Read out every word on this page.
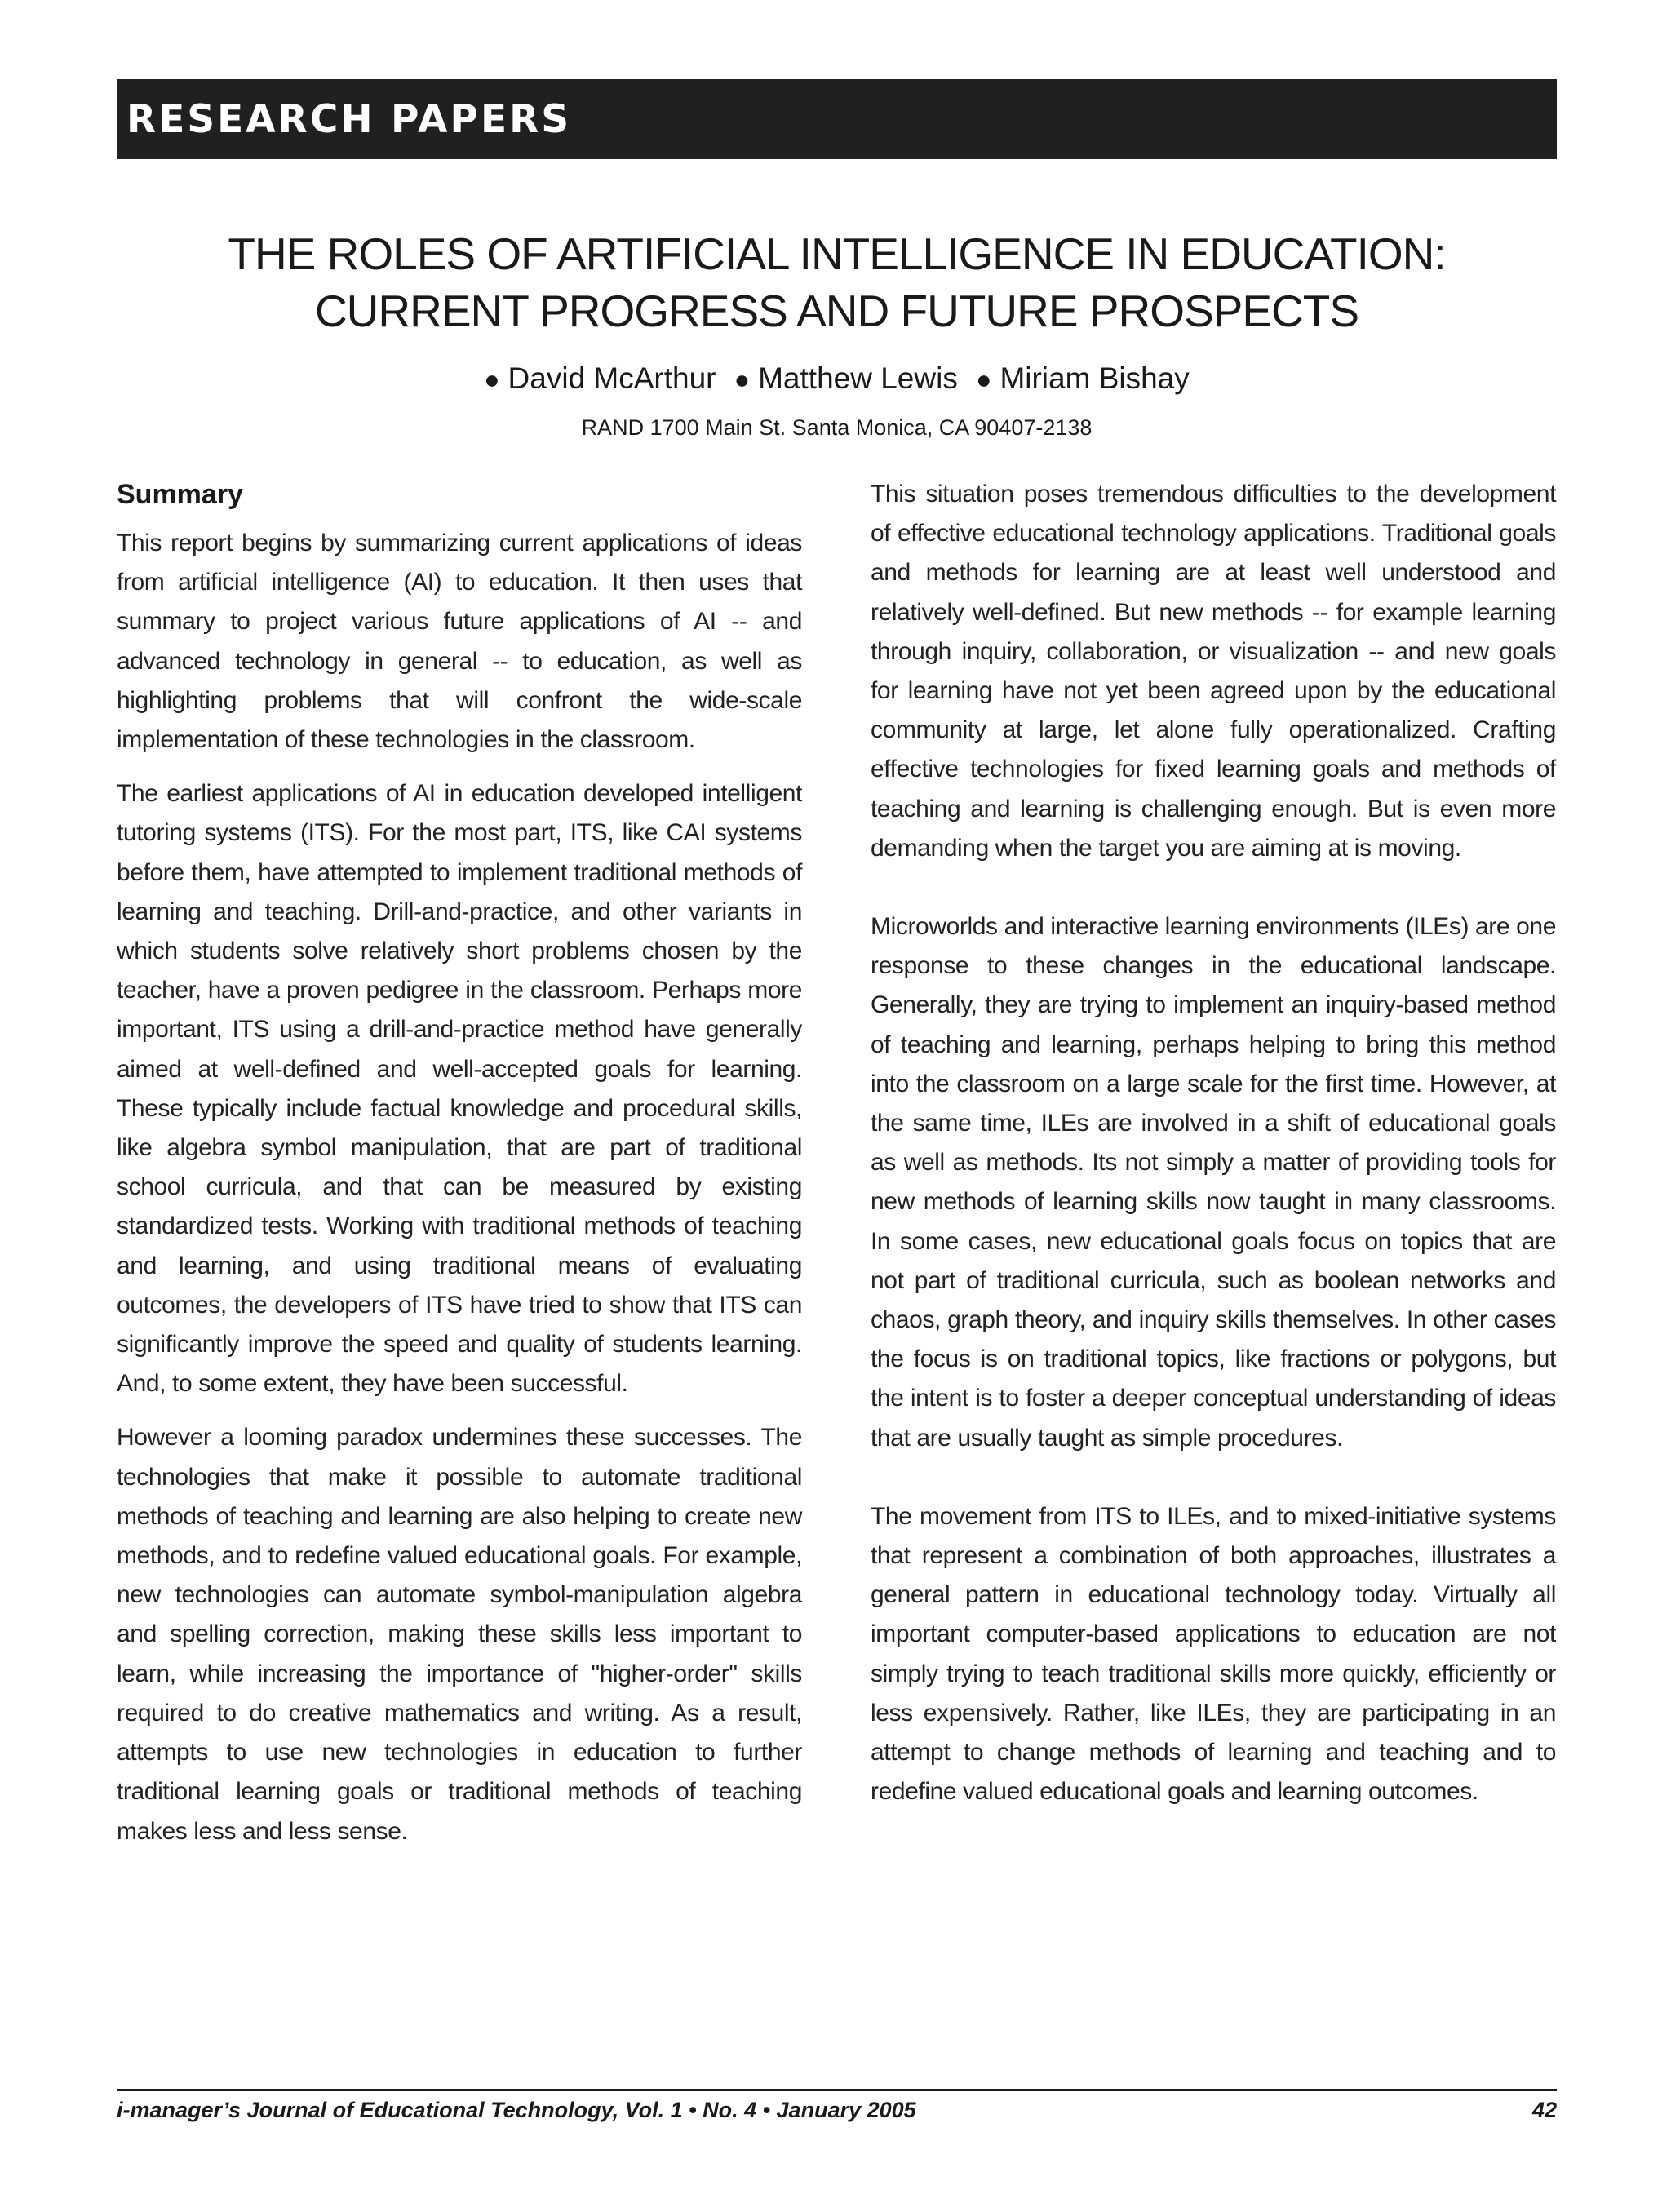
RESEARCH PAPERS
THE ROLES OF ARTIFICIAL INTELLIGENCE IN EDUCATION:
CURRENT PROGRESS AND FUTURE PROSPECTS
● David McArthur ● Matthew Lewis ● Miriam Bishay
RAND 1700 Main St. Santa Monica, CA 90407-2138
Summary

This report begins by summarizing current applications of ideas from artificial intelligence (AI) to education. It then uses that summary to project various future applications of AI -- and advanced technology in general -- to education, as well as highlighting problems that will confront the wide-scale implementation of these technologies in the classroom.

The earliest applications of AI in education developed intelligent tutoring systems (ITS). For the most part, ITS, like CAI systems before them, have attempted to implement traditional methods of learning and teaching. Drill-and-practice, and other variants in which students solve relatively short problems chosen by the teacher, have a proven pedigree in the classroom. Perhaps more important, ITS using a drill-and-practice method have generally aimed at well-defined and well-accepted goals for learning. These typically include factual knowledge and procedural skills, like algebra symbol manipulation, that are part of traditional school curricula, and that can be measured by existing standardized tests. Working with traditional methods of teaching and learning, and using traditional means of evaluating outcomes, the developers of ITS have tried to show that ITS can significantly improve the speed and quality of students learning. And, to some extent, they have been successful.

However a looming paradox undermines these successes. The technologies that make it possible to automate traditional methods of teaching and learning are also helping to create new methods, and to redefine valued educational goals. For example, new technologies can automate symbol-manipulation algebra and spelling correction, making these skills less important to learn, while increasing the importance of "higher-order" skills required to do creative mathematics and writing. As a result, attempts to use new technologies in education to further traditional learning goals or traditional methods of teaching makes less and less sense.

This situation poses tremendous difficulties to the development of effective educational technology applications. Traditional goals and methods for learning are at least well understood and relatively well-defined. But new methods -- for example learning through inquiry, collaboration, or visualization -- and new goals for learning have not yet been agreed upon by the educational community at large, let alone fully operationalized. Crafting effective technologies for fixed learning goals and methods of teaching and learning is challenging enough. But is even more demanding when the target you are aiming at is moving.

Microworlds and interactive learning environments (ILEs) are one response to these changes in the educational landscape. Generally, they are trying to implement an inquiry-based method of teaching and learning, perhaps helping to bring this method into the classroom on a large scale for the first time. However, at the same time, ILEs are involved in a shift of educational goals as well as methods. Its not simply a matter of providing tools for new methods of learning skills now taught in many classrooms. In some cases, new educational goals focus on topics that are not part of traditional curricula, such as boolean networks and chaos, graph theory, and inquiry skills themselves. In other cases the focus is on traditional topics, like fractions or polygons, but the intent is to foster a deeper conceptual understanding of ideas that are usually taught as simple procedures.

The movement from ITS to ILEs, and to mixed-initiative systems that represent a combination of both approaches, illustrates a general pattern in educational technology today. Virtually all important computer-based applications to education are not simply trying to teach traditional skills more quickly, efficiently or less expensively. Rather, like ILEs, they are participating in an attempt to change methods of learning and teaching and to redefine valued educational goals and learning outcomes.

i-manager’s Journal of Educational Technology, Vol. 1 • No. 4 • January 2005	42
